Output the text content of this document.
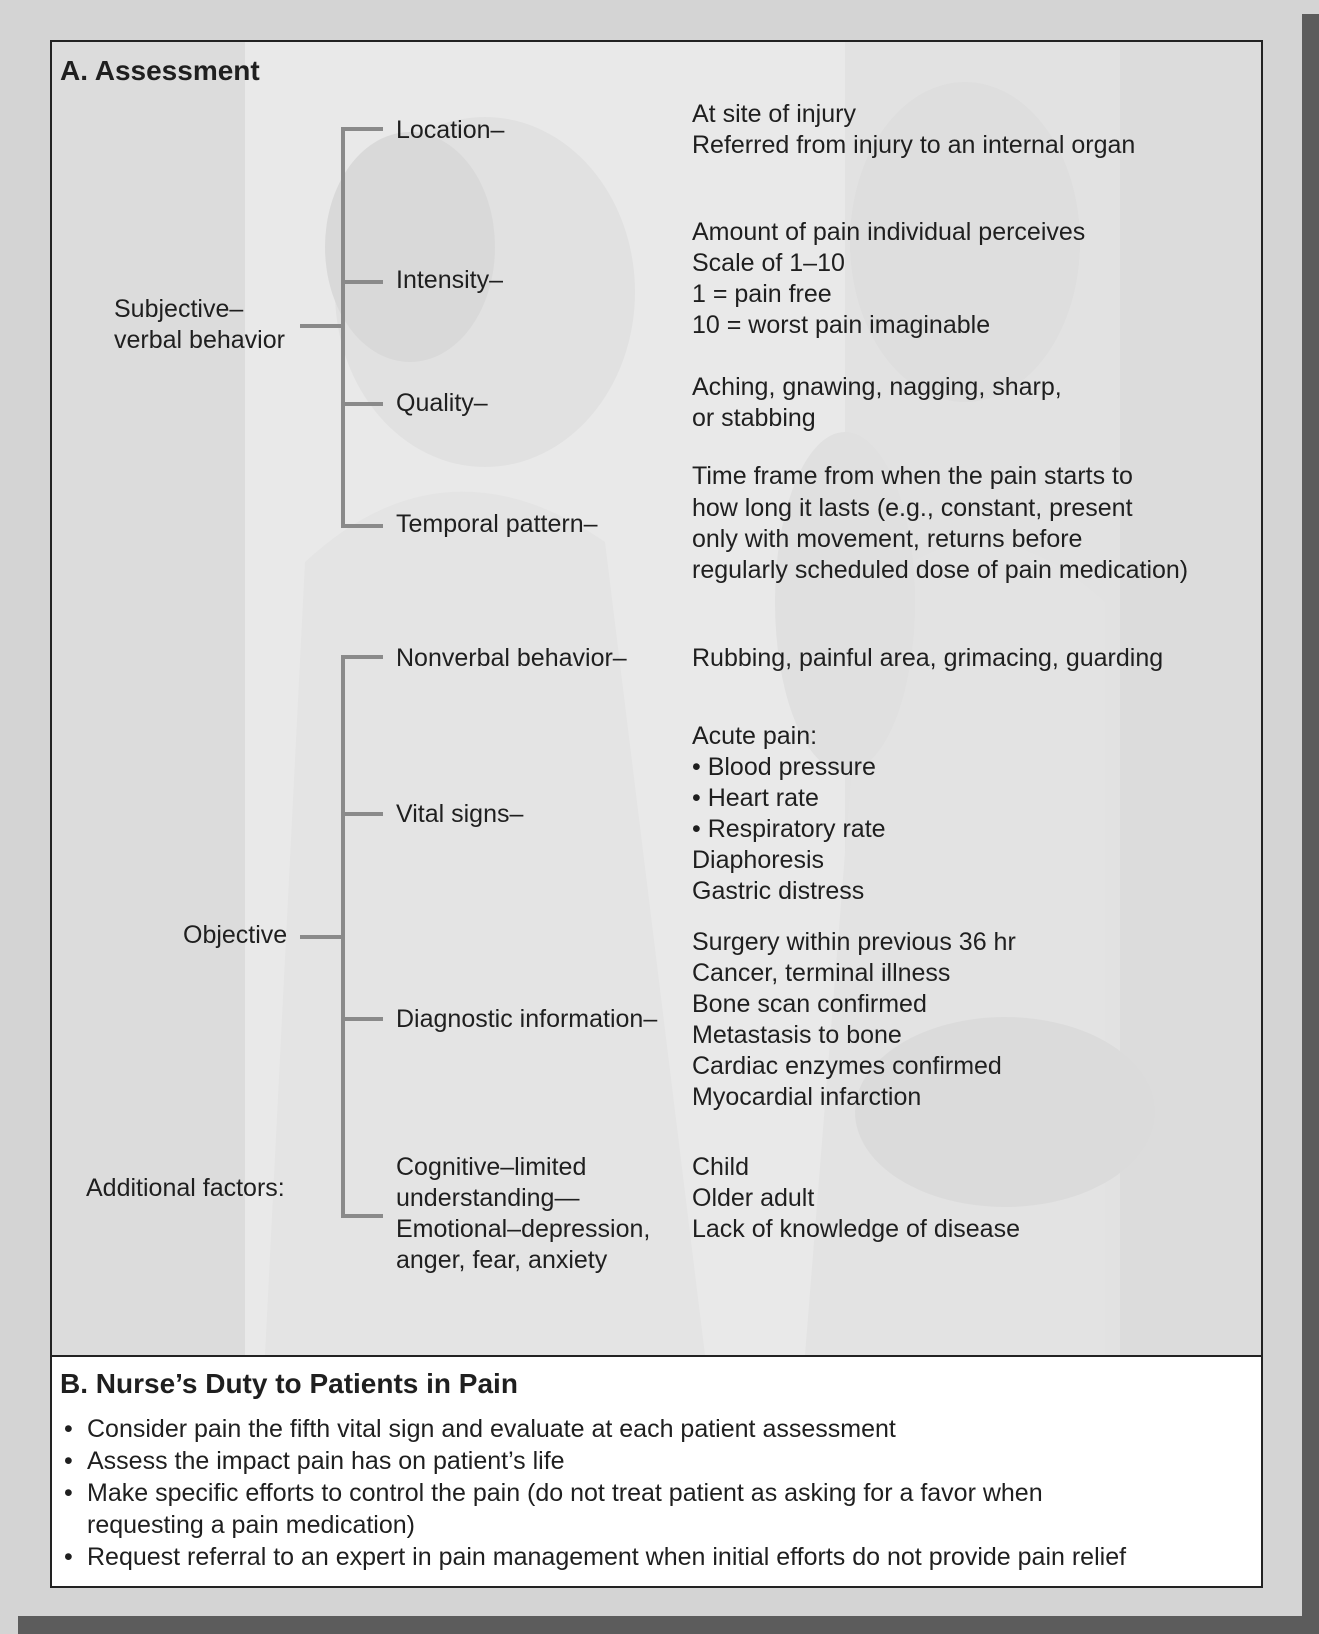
A. Assessment
Subjective–
verbal behavior
Location–
At site of injury
Referred from injury to an internal organ
Intensity–
Amount of pain individual perceives
Scale of 1–10
1 = pain free
10 = worst pain imaginable
Quality–
Aching, gnawing, nagging, sharp,
or stabbing
Temporal pattern–
Time frame from when the pain starts to
how long it lasts (e.g., constant, present
only with movement, returns before
regularly scheduled dose of pain medication)
Objective
Nonverbal behavior–	Rubbing, painful area, grimacing, guarding
Vital signs–
Acute pain:
• Blood pressure
• Heart rate
• Respiratory rate
Diaphoresis
Gastric distress
Diagnostic information–
Surgery within previous 36 hr
Cancer, terminal illness
Bone scan confirmed
Metastasis to bone
Cardiac enzymes confirmed
Myocardial infarction
Additional factors:
Cognitive–limited
understanding—
Emotional–depression,
anger, fear, anxiety
Child
Older adult
Lack of knowledge of disease
B. Nurse’s Duty to Patients in Pain
• Consider pain the fifth vital sign and evaluate at each patient assessment
• Assess the impact pain has on patient’s life
• Make specific efforts to control the pain (do not treat patient as asking for a favor when requesting a pain medication)
• Request referral to an expert in pain management when initial efforts do not provide pain relief
